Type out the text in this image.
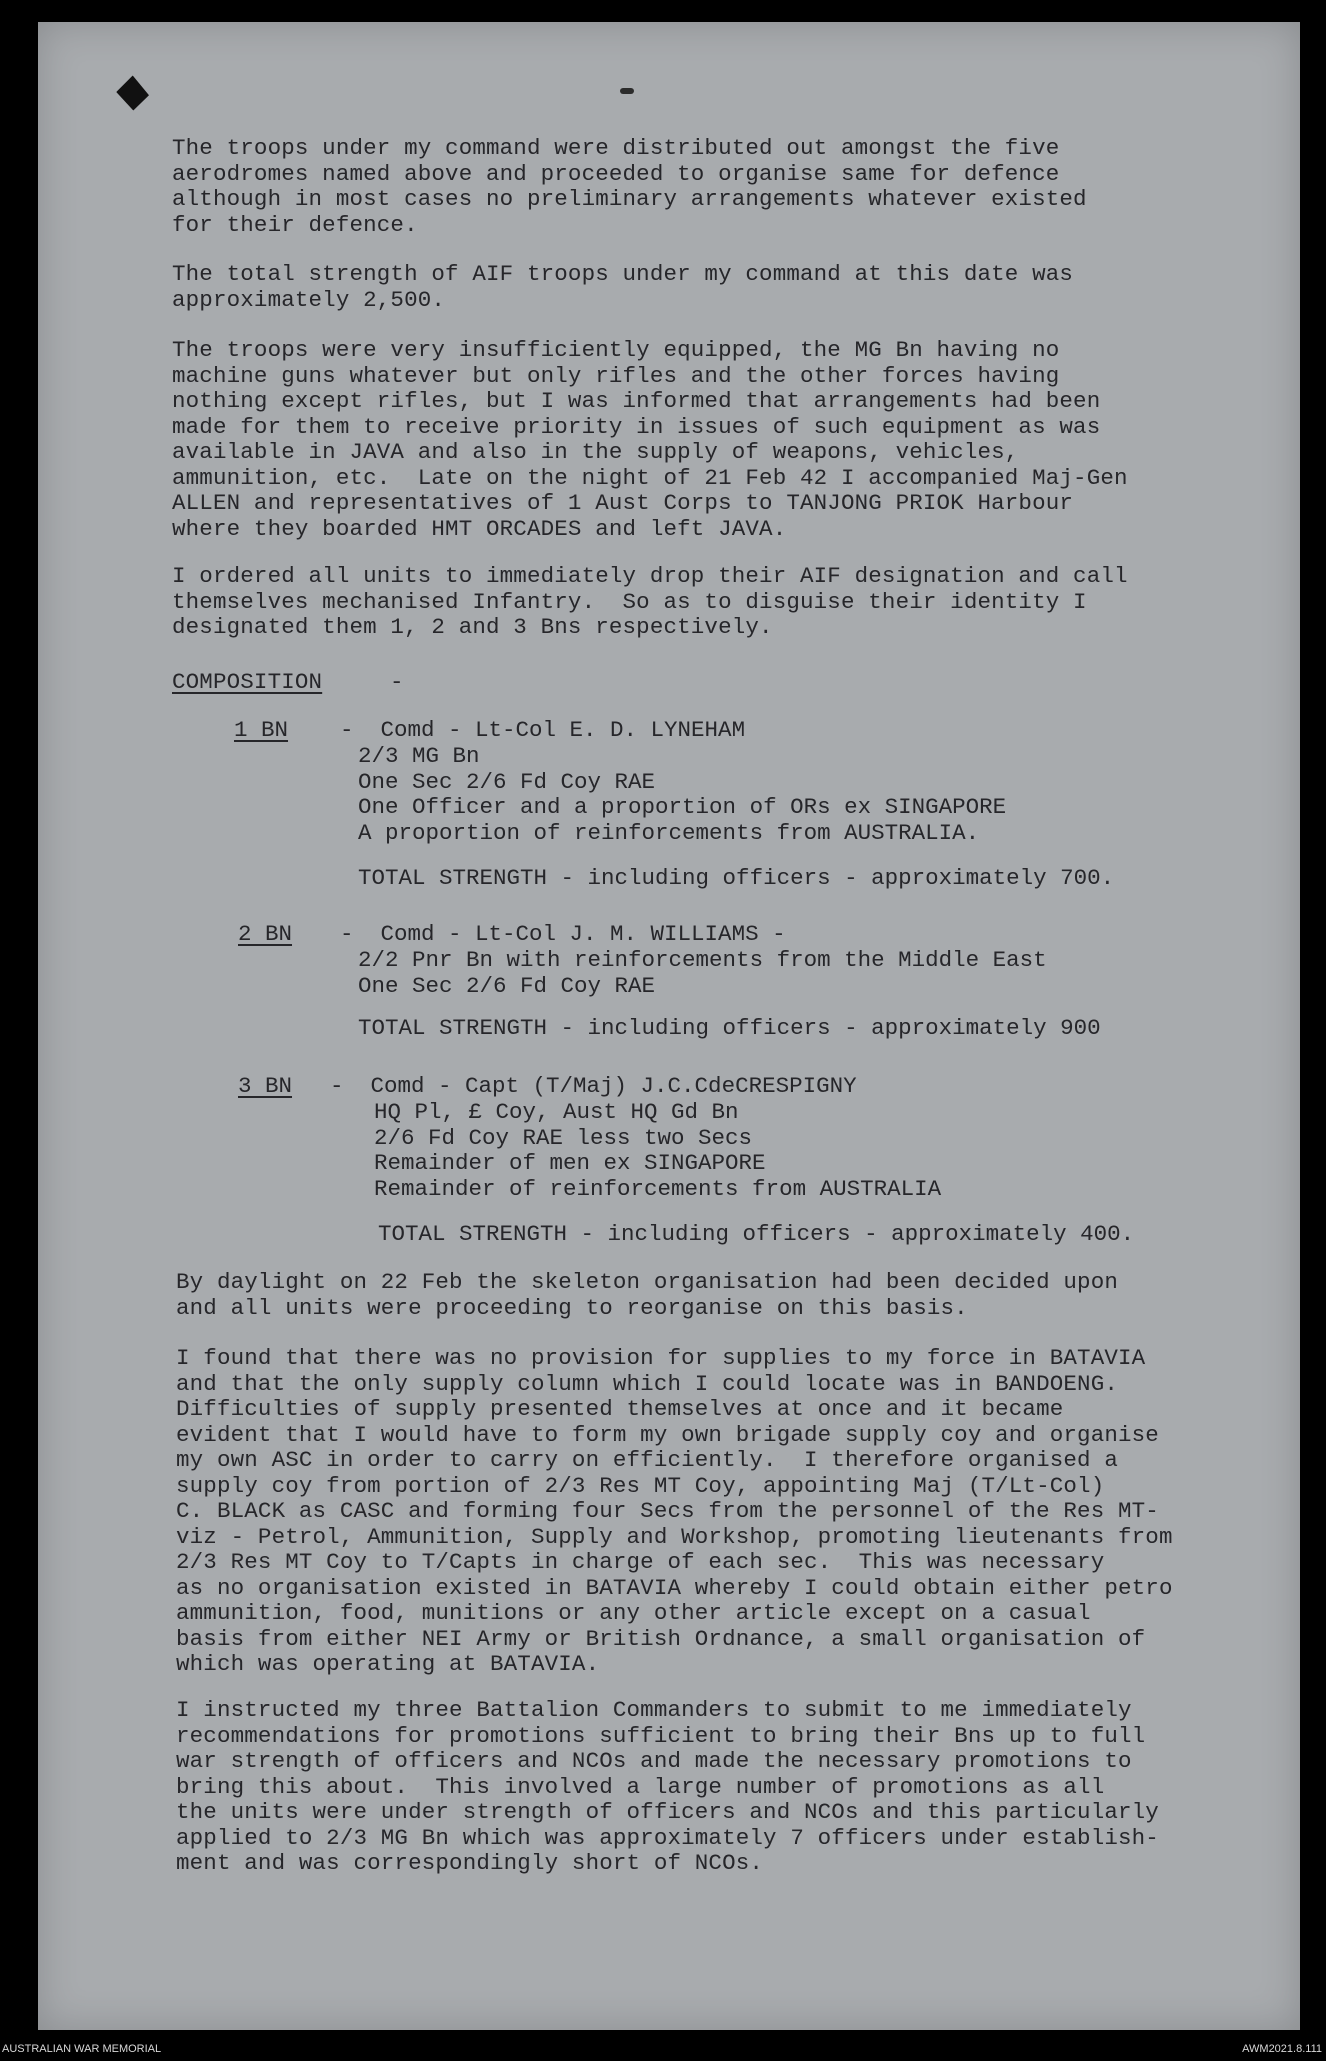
The troops under my command were distributed out amongst the five
aerodromes named above and proceeded to organise same for defence
although in most cases no preliminary arrangements whatever existed
for their defence.

The total strength of AIF troops under my command at this date was
approximately 2,500.

The troops were very insufficiently equipped, the MG Bn having no
machine guns whatever but only rifles and the other forces having
nothing except rifles, but I was informed that arrangements had been
made for them to receive priority in issues of such equipment as was
available in JAVA and also in the supply of weapons, vehicles,
ammunition, etc.  Late on the night of 21 Feb 42 I accompanied Maj-Gen
ALLEN and representatives of 1 Aust Corps to TANJONG PRIOK Harbour
where they boarded HMT ORCADES and left JAVA.

I ordered all units to immediately drop their AIF designation and call
themselves mechanised Infantry.  So as to disguise their identity I
designated them 1, 2 and 3 Bns respectively.

COMPOSITION	-
1 BN -  Comd - Lt-Col E. D. LYNEHAM
2/3 MG Bn
One Sec 2/6 Fd Coy RAE
One Officer and a proportion of ORs ex SINGAPORE
A proportion of reinforcements from AUSTRALIA.
TOTAL STRENGTH - including officers - approximately 700.
2 BN -  Comd - Lt-Col J. M. WILLIAMS -
2/2 Pnr Bn with reinforcements from the Middle East
One Sec 2/6 Fd Coy RAE
TOTAL STRENGTH - including officers - approximately 900
3 BN -  Comd - Capt (T/Maj) J.C.CdeCRESPIGNY
HQ Pl, £ Coy, Aust HQ Gd Bn
2/6 Fd Coy RAE less two Secs
Remainder of men ex SINGAPORE
Remainder of reinforcements from AUSTRALIA
TOTAL STRENGTH - including officers - approximately 400.

By daylight on 22 Feb the skeleton organisation had been decided upon
and all units were proceeding to reorganise on this basis.

I found that there was no provision for supplies to my force in BATAVIA
and that the only supply column which I could locate was in BANDOENG.
Difficulties of supply presented themselves at once and it became
evident that I would have to form my own brigade supply coy and organise
my own ASC in order to carry on efficiently.  I therefore organised a
supply coy from portion of 2/3 Res MT Coy, appointing Maj (T/Lt-Col)
C. BLACK as CASC and forming four Secs from the personnel of the Res MT-
viz - Petrol, Ammunition, Supply and Workshop, promoting lieutenants from
2/3 Res MT Coy to T/Capts in charge of each sec.  This was necessary
as no organisation existed in BATAVIA whereby I could obtain either petro
ammunition, food, munitions or any other article except on a casual
basis from either NEI Army or British Ordnance, a small organisation of
which was operating at BATAVIA.

I instructed my three Battalion Commanders to submit to me immediately
recommendations for promotions sufficient to bring their Bns up to full
war strength of officers and NCOs and made the necessary promotions to
bring this about.  This involved a large number of promotions as all
the units were under strength of officers and NCOs and this particularly
applied to 2/3 MG Bn which was approximately 7 officers under establish-
ment and was correspondingly short of NCOs.

AUSTRALIAN WAR MEMORIAL	AWM2021.8.111
